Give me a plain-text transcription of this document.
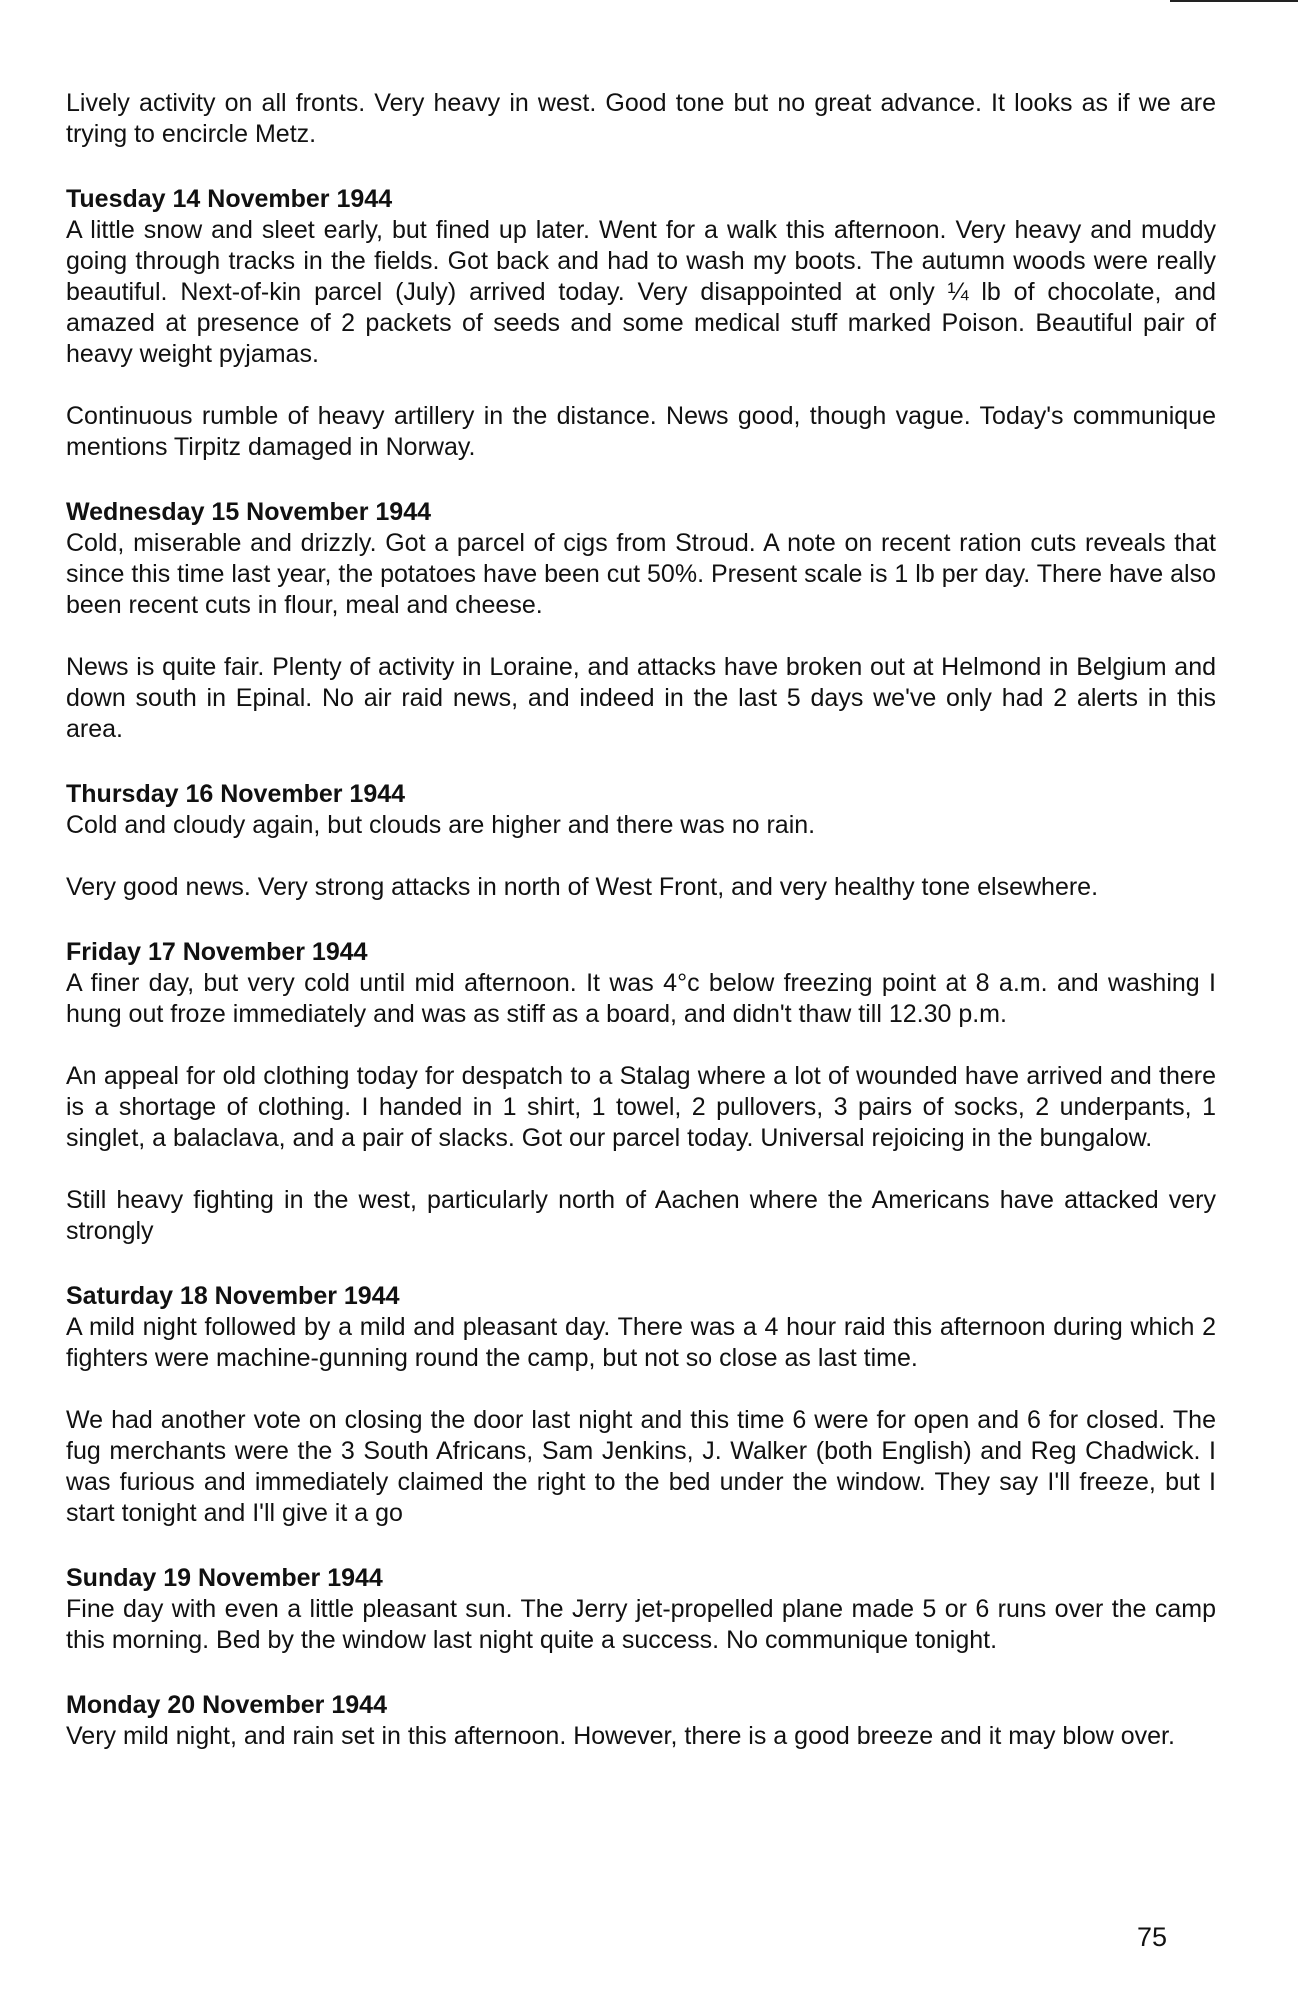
Lively activity on all fronts. Very heavy in west. Good tone but no great advance. It looks as if we are trying to encircle Metz.

Tuesday 14 November 1944

A little snow and sleet early, but fined up later. Went for a walk this afternoon. Very heavy and muddy going through tracks in the fields. Got back and had to wash my boots. The autumn woods were really beautiful. Next-of-kin parcel (July) arrived today. Very disappointed at only ¼ lb of chocolate, and amazed at presence of 2 packets of seeds and some medical stuff marked Poison. Beautiful pair of heavy weight pyjamas.

Continuous rumble of heavy artillery in the distance. News good, though vague. Today's communique mentions Tirpitz damaged in Norway.

Wednesday 15 November 1944

Cold, miserable and drizzly. Got a parcel of cigs from Stroud. A note on recent ration cuts reveals that since this time last year, the potatoes have been cut 50%. Present scale is 1 lb per day. There have also been recent cuts in flour, meal and cheese.

News is quite fair. Plenty of activity in Loraine, and attacks have broken out at Helmond in Belgium and down south in Epinal. No air raid news, and indeed in the last 5 days we've only had 2 alerts in this area.

Thursday 16 November 1944

Cold and cloudy again, but clouds are higher and there was no rain.

Very good news. Very strong attacks in north of West Front, and very healthy tone elsewhere.

Friday 17 November 1944

A finer day, but very cold until mid afternoon. It was 4°c below freezing point at 8 a.m. and washing I hung out froze immediately and was as stiff as a board, and didn't thaw till 12.30 p.m.

An appeal for old clothing today for despatch to a Stalag where a lot of wounded have arrived and there is a shortage of clothing. I handed in 1 shirt, 1 towel, 2 pullovers, 3 pairs of socks, 2 underpants, 1 singlet, a balaclava, and a pair of slacks. Got our parcel today. Universal rejoicing in the bungalow.

Still heavy fighting in the west, particularly north of Aachen where the Americans have attacked very strongly

Saturday 18 November 1944

A mild night followed by a mild and pleasant day. There was a 4 hour raid this afternoon during which 2 fighters were machine-gunning round the camp, but not so close as last time.

We had another vote on closing the door last night and this time 6 were for open and 6 for closed. The fug merchants were the 3 South Africans, Sam Jenkins, J. Walker (both English) and Reg Chadwick. I was furious and immediately claimed the right to the bed under the window. They say I'll freeze, but I start tonight and I'll give it a go

Sunday 19 November 1944

Fine day with even a little pleasant sun. The Jerry jet-propelled plane made 5 or 6 runs over the camp this morning. Bed by the window last night quite a success. No communique tonight.

Monday 20 November 1944

Very mild night, and rain set in this afternoon. However, there is a good breeze and it may blow over.

75
